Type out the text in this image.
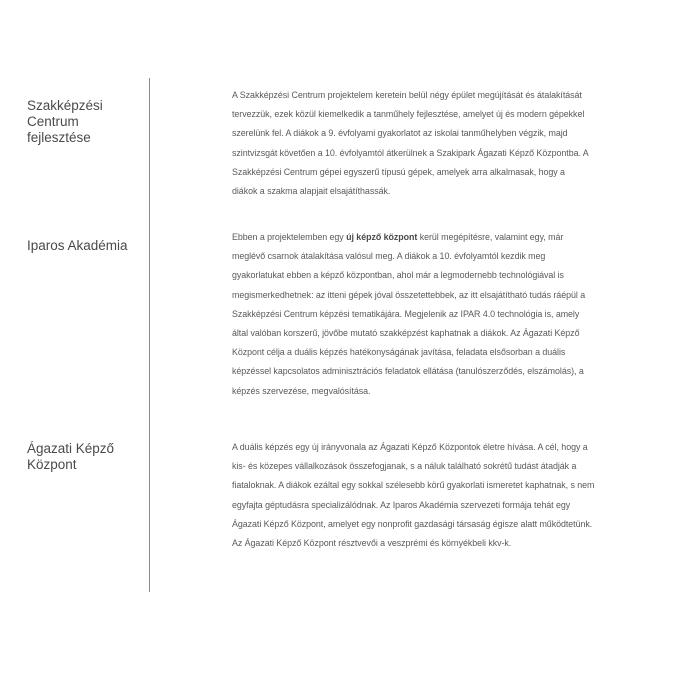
Szakképzési
Centrum
fejlesztése
A Szakképzési Centrum projektelem keretein belül négy épület megújítását és átalakítását
tervezzük, ezek közül kiemelkedik a tanműhely fejlesztése, amelyet új és modern gépekkel
szerelünk fel. A diákok a 9. évfolyami gyakorlatot az iskolai tanműhelyben végzik, majd
szintvizsgát követően a 10. évfolyamtól átkerülnek a Szakipark Ágazati Képző Központba. A
Szakképzési Centrum gépei egyszerű típusú gépek, amelyek arra alkalmasak, hogy a
diákok a szakma alapjait elsajátíthassák.
Iparos Akadémia
Ebben a projektelemben egy új képző központ kerül megépítésre, valamint egy, már
meglévő csarnok átalakítása valósul meg. A diákok a 10. évfolyamtól kezdik meg
gyakorlatukat ebben a képző központban, ahol már a legmodernebb technológiával is
megismerkedhetnek: az itteni gépek jóval összetettebbek, az itt elsajátítható tudás ráépül a
Szakképzési Centrum képzési tematikájára. Megjelenik az IPAR 4.0 technológia is, amely
által valóban korszerű, jövőbe mutató szakképzést kaphatnak a diákok. Az Ágazati Képző
Központ célja a duális képzés hatékonyságának javítása, feladata elsősorban a duális
képzéssel kapcsolatos adminisztrációs feladatok ellátása (tanulószerződés, elszámolás), a
képzés szervezése, megvalósítása.
Ágazati Képző
Központ
A duális képzés egy új irányvonala az Ágazati Képző Központok életre hívása. A cél, hogy a
kis- és közepes vállalkozások összefogjanak, s a náluk található sokrétű tudást átadják a
fiataloknak. A diákok ezáltal egy sokkal szélesebb körű gyakorlati ismeretet kaphatnak, s nem
egyfajta géptudásra specializálódnak. Az Iparos Akadémia szervezeti formája tehát egy
Ágazati Képző Központ, amelyet egy nonprofit gazdasági társaság égisze alatt működtetünk.
Az Ágazati Képző Központ résztvevői a veszprémi és környékbeli kkv-k.
